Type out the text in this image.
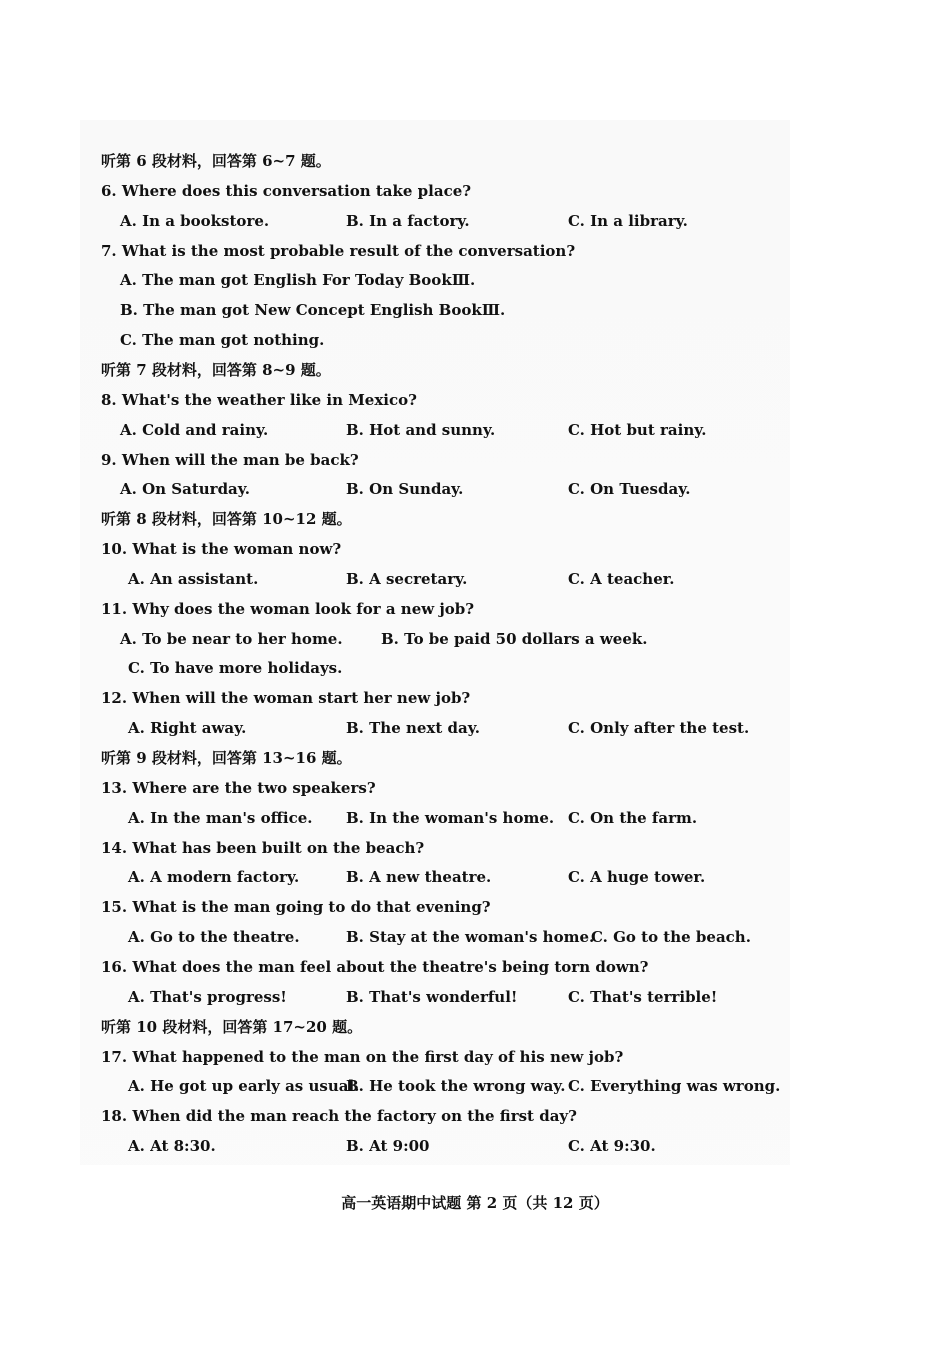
听第 6 段材料，回答第 6~7 题。
6. Where does this conversation take place?
A. In a bookstore.	B. In a factory.	C. In a library.
7. What is the most probable result of the conversation?
A. The man got English For Today BookⅢ.
B. The man got New Concept English BookⅢ.
C. The man got nothing.
听第 7 段材料，回答第 8~9 题。
8. What's the weather like in Mexico?
A. Cold and rainy.	B. Hot and sunny.	C. Hot but rainy.
9. When will the man be back?
A. On Saturday.	B. On Sunday.	C. On Tuesday.
听第 8 段材料，回答第 10~12 题。
10. What is the woman now?
A. An assistant.	B. A secretary.	C. A teacher.
11. Why does the woman look for a new job?
A. To be near to her home.	B. To be paid 50 dollars a week.
C. To have more holidays.
12. When will the woman start her new job?
A. Right away.	B. The next day.	C. Only after the test.
听第 9 段材料，回答第 13~16 题。
13. Where are the two speakers?
A. In the man's office. B. In the woman's home. C. On the farm.
14. What has been built on the beach?
A. A modern factory.	B. A new theatre.	C. A huge tower.
15. What is the man going to do that evening?
A. Go to the theatre.	B. Stay at the woman's home.
C. Go to the beach.
16. What does the man feel about the theatre's being torn down?
A. That's progress!	B. That's wonderful!	C. That's terrible!
听第 10 段材料，回答第 17~20 题。
17. What happened to the man on the first day of his new job?
A. He got up early as usual.
B. He took the wrong way. C. Everything was wrong.
18. When did the man reach the factory on the first day?
A. At 8:30.	B. At 9:00	C. At 9:30.
高一英语期中试题 第 2 页（共 12 页）
